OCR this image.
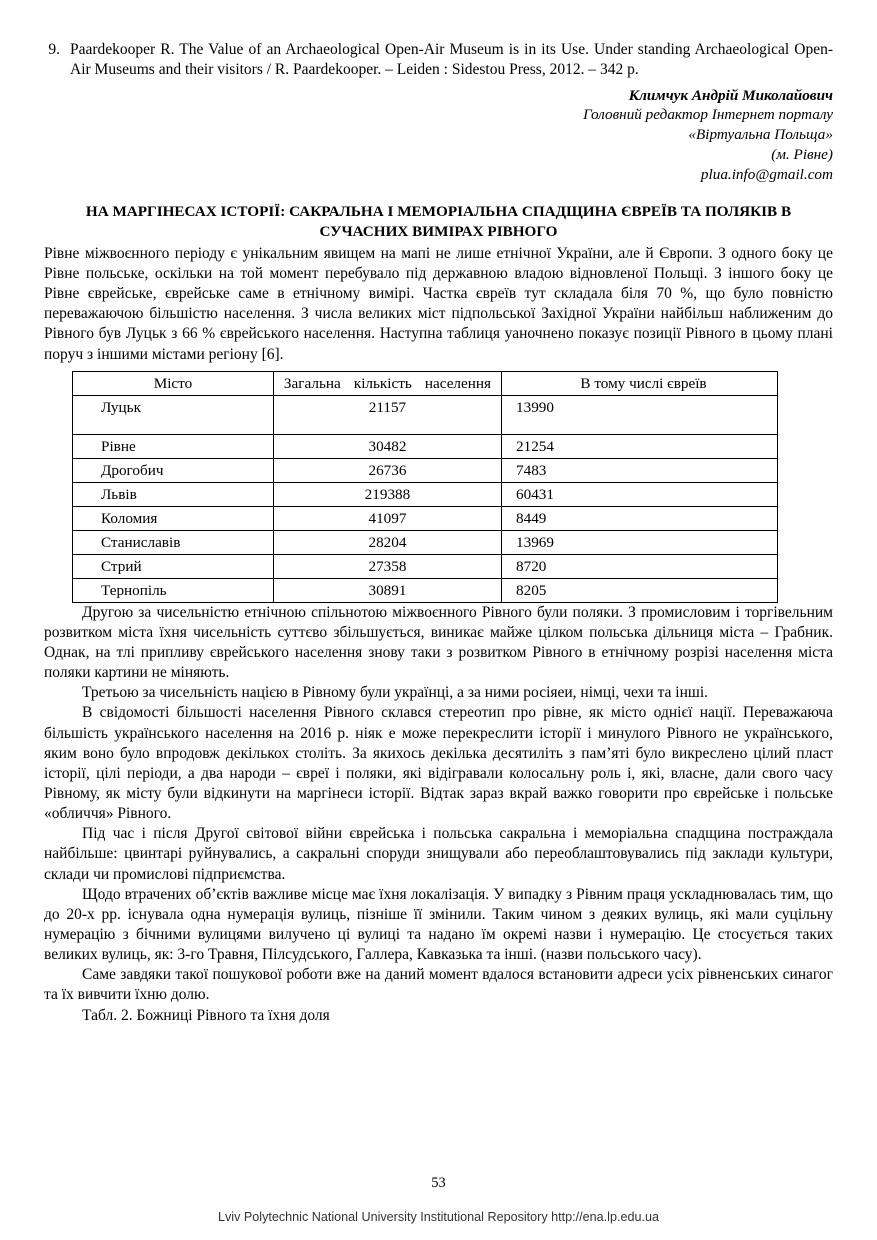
9. Paardekooper R. The Value of an Archaeological Open-Air Museum is in its Use. Under standing Archaeological Open-Air Museums and their visitors / R. Paardekooper. – Leiden : Sidestou Press, 2012. – 342 p.
Климчук Андрій Миколайович
Головний редактор Інтернет порталу
«Віртуальна Польща»
(м. Рівне)
plua.info@gmail.com
НА МАРГІНЕСАХ ІСТОРІЇ: САКРАЛЬНА І МЕМОРІАЛЬНА СПАДЩИНА ЄВРЕЇВ ТА ПОЛЯКІВ В СУЧАСНИХ ВИМІРАХ РІВНОГО

Рівне міжвоєнного періоду є унікальним явищем на мапі не лише етнічної України, але й Європи. З одного боку це Рівне польське, оскільки на той момент перебувало під державною владою відновленої Польщі. З іншого боку це Рівне єврейське, єврейське саме в етнічному вимірі. Частка євреїв тут складала біля 70 %, що було повністю переважаючою більшістю населення. З числа великих міст підпольської Західної України найбільш наближеним до Рівного був Луцьк з 66 % єврейського населення. Наступна таблиця уаночнено показує позиції Рівного в цьому плані поруч з іншими містами регіону [6].

Місто	Загальна кількість населення	В тому числі євреїв
Луцьк	21157	13990
Рівне	30482	21254
Дрогобич	26736	7483
Львів	219388	60431
Коломия	41097	8449
Станиславів	28204	13969
Стрий	27358	8720
Тернопіль	30891	8205

Другою за чисельністю етнічною спільнотою міжвоєнного Рівного були поляки. З промисловим і торгівельним розвитком міста їхня чисельність суттєво збільшується, виникає майже цілком польська дільниця міста – Грабник. Однак, на тлі припливу єврейського населення знову таки з розвитком Рівного в етнічному розрізі населення міста поляки картини не міняють.

Третьою за чисельність нацією в Рівному були українці, а за ними росіяеи, німці, чехи та інші.

В свідомості більшості населення Рівного склався стереотип про рівне, як місто однієї нації. Переважаюча більшість українського населення на 2016 р. ніяк е може перекреслити історії і минулого Рівного не українського, яким воно було впродовж декількох століть. За якихось декілька десятиліть з пам’яті було викреслено цілий пласт історії, цілі періоди, а два народи – євреї і поляки, які відігравали колосальну роль і, які, власне, дали свого часу Рівному, як місту були відкинути на маргінеси історії. Відтак зараз вкрай важко говорити про єврейське і польське «обличчя» Рівного.

Під час і після Другої світової війни єврейська і польська сакральна і меморіальна спадщина постраждала найбільше: цвинтарі руйнувались, а сакральні споруди знищували або переоблаштовувались під заклади культури, склади чи промислові підприємства.

Щодо втрачених об’єктів важливе місце має їхня локалізація. У випадку з Рівним праця ускладнювалась тим, що до 20-х рр. існувала одна нумерація вулиць, пізніше її змінили. Таким чином з деяких вулиць, які мали суцільну нумерацію з бічними вулицями вилучено ці вулиці та надано їм окремі назви і нумерацію. Це стосується таких великих вулиць, як: 3-го Травня, Пілсудського, Галлера, Кавказька та інші. (назви польського часу).

Саме завдяки такої пошукової роботи вже на даний момент вдалося встановити адреси усіх рівненських синагог та їх вивчити їхню долю.

Табл. 2. Божниці Рівного та їхня доля

53
Lviv Polytechnic National University Institutional Repository http://ena.lp.edu.ua
